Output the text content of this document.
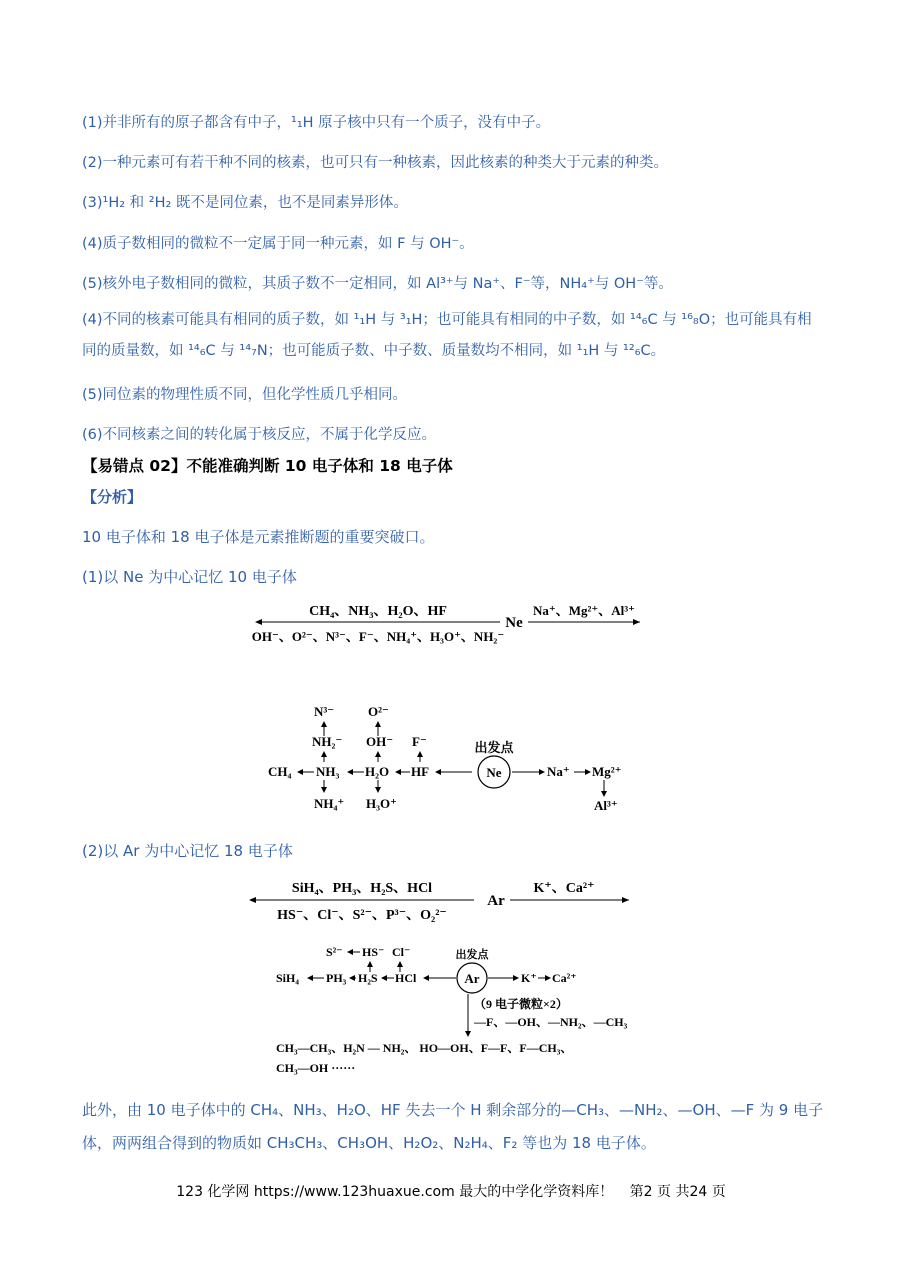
(1)并非所有的原子都含有中子，¹₁H 原子核中只有一个质子，没有中子。
(2)一种元素可有若干种不同的核素，也可只有一种核素，因此核素的种类大于元素的种类。
(3)¹H₂ 和 ²H₂ 既不是同位素，也不是同素异形体。
(4)质子数相同的微粒不一定属于同一种元素，如 F 与 OH⁻。
(5)核外电子数相同的微粒，其质子数不一定相同，如 Al³⁺与 Na⁺、F⁻等，NH₄⁺与 OH⁻等。
(4)不同的核素可能具有相同的质子数，如 ¹₁H 与 ³₁H；也可能具有相同的中子数，如 ¹⁴₆C 与 ¹⁶₈O；也可能具有相同的质量数，如 ¹⁴₆C 与 ¹⁴₇N；也可能质子数、中子数、质量数均不相同，如 ¹₁H 与 ¹²₆C。
(5)同位素的物理性质不同，但化学性质几乎相同。
(6)不同核素之间的转化属于核反应，不属于化学反应。
【易错点 02】不能准确判断 10 电子体和 18 电子体
【分析】
10 电子体和 18 电子体是元素推断题的重要突破口。
(1)以 Ne 为中心记忆 10 电子体
CH₄、NH₃、H₂O、HF
OH⁻、O²⁻、N³⁻、F⁻、NH₄⁺、H₃O⁺、NH₂⁻
Ne
Na⁺、Mg²⁺、Al³⁺
CH₄ NH₃ H₂O HF
出发点
Ne	Na⁺ Mg²⁺
Al³⁺
N³⁻
NH₂⁻
NH₄⁺
O²⁻
OH⁻
H₃O⁺
F⁻
(2)以 Ar 为中心记忆 18 电子体
SiH₄、PH₃、H₂S、HCl
HS⁻、Cl⁻、S²⁻、P³⁻、O₂²⁻
Ar
K⁺、Ca²⁺
S²⁻ HS⁻ Cl⁻	出发点
SiH₄ PH₃ H₂S HCl	Ar	K⁺ Ca²⁺
（9 电子微粒×2）
—F、—OH、—NH₂、—CH₃
CH₃—CH₃、H₂N — NH₂、 HO—OH、F—F、F—CH₃、
CH₃—OH ······
此外，由 10 电子体中的 CH₄、NH₃、H₂O、HF 失去一个 H 剩余部分的—CH₃、—NH₂、—OH、—F 为 9 电子体，两两组合得到的物质如 CH₃CH₃、CH₃OH、H₂O₂、N₂H₄、F₂ 等也为 18 电子体。
123 化学网 https://www.123huaxue.com 最大的中学化学资料库！ 第2 页 共24 页
